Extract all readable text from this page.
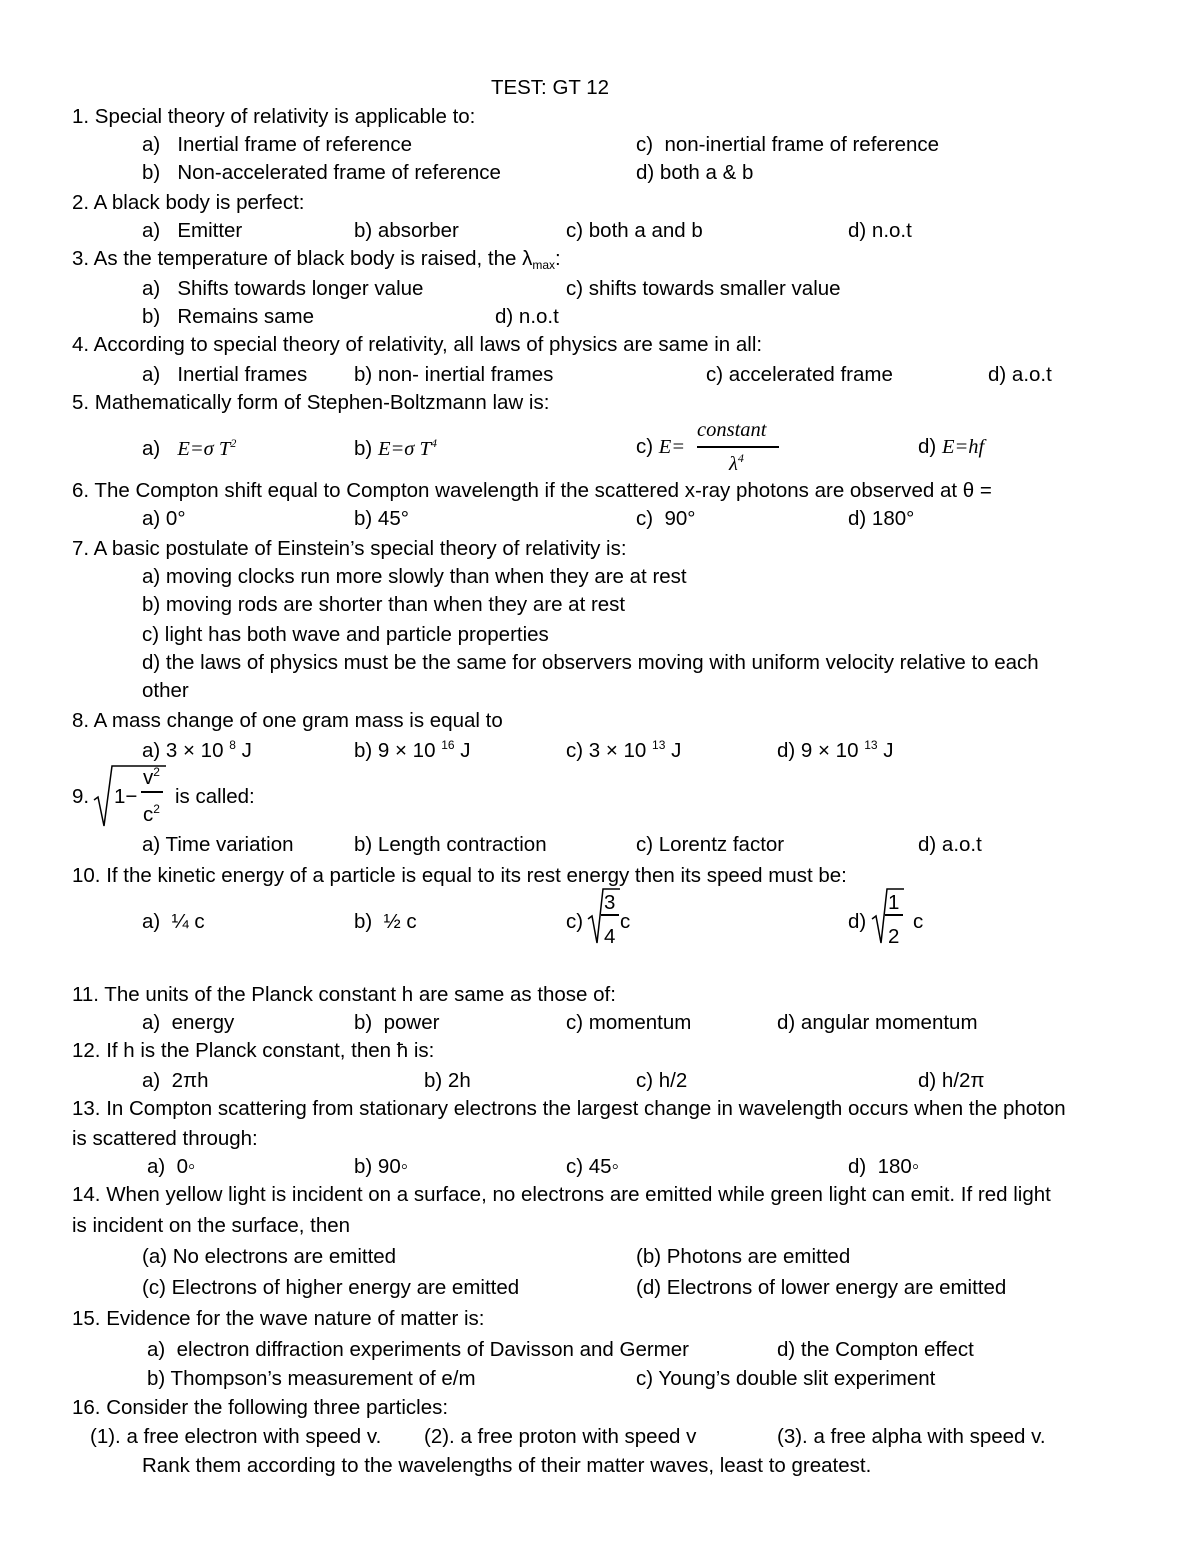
TEST: GT 12
1. Special theory of relativity is applicable to:
a)   Inertial frame of reference	c)  non-inertial frame of reference
b)   Non-accelerated frame of reference	d) both a & b
2. A black body is perfect:
a)   Emitter	b) absorber	c) both a and b	d) n.o.t
3. As the temperature of black body is raised, the $\lambda_{max}$:
a)   Shifts towards longer value	c) shifts towards smaller value
b)   Remains same	d) n.o.t
4. According to special theory of relativity, all laws of physics are same in all:
a)   Inertial frames b) non- inertial frames	c) accelerated frame	d) a.o.t
5. Mathematically form of Stephen-Boltzmann law is:
a) E=σ $T^2$	b) E=σ $T^4$	c) E=
constant
$\lambda^4$	d) E=hf
6. The Compton shift equal to Compton wavelength if the scattered x-ray photons are observed at θ =
a) 0°	b) 45°	c)  90°	d) 180°
7. A basic postulate of Einstein’s special theory of relativity is:
a) moving clocks run more slowly than when they are at rest
b) moving rods are shorter than when they are at rest
c) light has both wave and particle properties
d) the laws of physics must be the same for observers moving with uniform velocity relative to each
other
8. A mass change of one gram mass is equal to
a) 3 × 10 $^8$ J	b) 9 × 10 $^{16}$ J	c) 3 × 10 $^{13}$ J	d) 9 × 10 $^{13}$ J
9. 1−
$v^2$
$c^2$
is called:
a) Time variation	b) Length contraction	c) Lorentz factor	d) a.o.t
10. If the kinetic energy of a particle is equal to its rest energy then its speed must be:
a)  ¼ c	b)  ½ c	c)
3
4
c	d)
1
2
c
11. The units of the Planck constant h are same as those of:
a)  energy	b)  power	c) momentum	d) angular momentum
12. If h is the Planck constant, then ħ is:
a)  2πh	b) 2h	c) h/2	d) h/2π
13. In Compton scattering from stationary electrons the largest change in wavelength occurs when the photon
is scattered through:
a)  0◦	b) 90◦	c) 45◦	d)  180◦
14. When yellow light is incident on a surface, no electrons are emitted while green light can emit. If red light
is incident on the surface, then
(a) No electrons are emitted	(b) Photons are emitted
(c) Electrons of higher energy are emitted	(d) Electrons of lower energy are emitted
15. Evidence for the wave nature of matter is:
a)  electron diffraction experiments of Davisson and Germer	d) the Compton effect
b) Thompson’s measurement of e/m	c) Young’s double slit experiment
16. Consider the following three particles:
(1). a free electron with speed v. (2). a free proton with speed v	(3). a free alpha with speed v.
Rank them according to the wavelengths of their matter waves, least to greatest.
